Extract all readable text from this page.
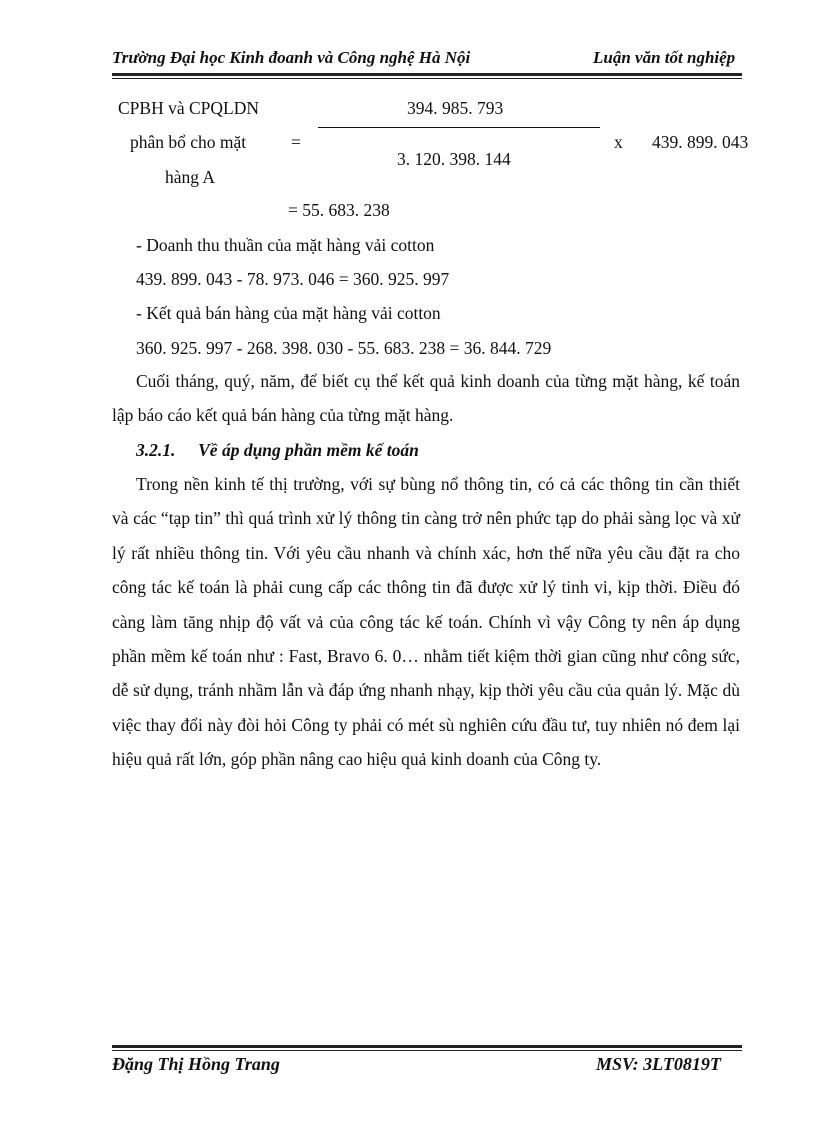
Trường Đại học Kinh đoanh và Công nghệ Hà Nội	Luận văn tốt nghiệp
CPBH và CPQLDN
phân bổ cho mặt
hàng A
=
394. 985. 793
3. 120. 398. 144
x 439. 899. 043
= 55. 683. 238
- Doanh thu thuần của mặt hàng vải cotton
439. 899. 043 - 78. 973. 046 = 360. 925. 997
- Kết quả bán hàng của mặt hàng vải cotton
360. 925. 997 - 268. 398. 030 - 55. 683. 238 = 36. 844. 729
Cuối tháng, quý, năm, để biết cụ thể kết quả kinh doanh của từng mặt hàng, kế toán lập báo cáo kết quả bán hàng của từng mặt hàng.
3.2.1. Về áp dụng phần mềm kế toán
Trong nền kinh tế thị trường, với sự bùng nổ thông tin, có cả các thông tin cần thiết và các “tạp tin” thì quá trình xử lý thông tin càng trở nên phức tạp do phải sàng lọc và xử lý rất nhiều thông tin. Với yêu cầu nhanh và chính xác, hơn thế nữa yêu cầu đặt ra cho công tác kế toán là phải cung cấp các thông tin đã được xử lý tinh vi, kịp thời. Điều đó càng làm tăng nhịp độ vất vả của công tác kế toán. Chính vì vậy Công ty nên áp dụng phần mềm kế toán như : Fast, Bravo 6. 0… nhằm tiết kiệm thời gian cũng như công sức, dễ sử dụng, tránh nhầm lẫn và đáp ứng nhanh nhạy, kịp thời yêu cầu của quản lý. Mặc dù việc thay đổi này đòi hỏi Công ty phải có mét sù nghiên cứu đầu tư, tuy nhiên nó đem lại hiệu quả rất lớn, góp phần nâng cao hiệu quả kinh doanh của Công ty.
Đặng Thị Hồng Trang	MSV: 3LT0819T
